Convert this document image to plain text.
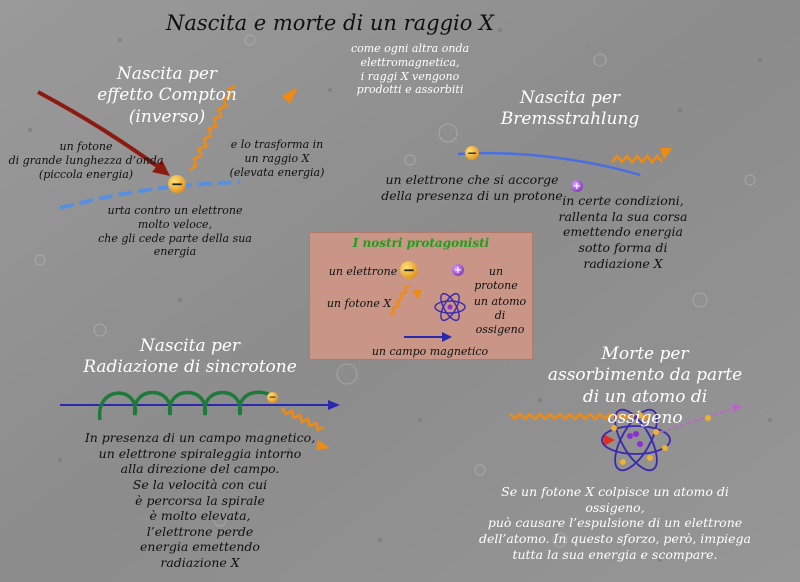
Nascita e morte di un raggio X
come ogni altra onda
elettromagnetica,
i raggi X vengono
prodotti e assorbiti
Nascita per
effetto Compton
(inverso)
un fotone
di grande lunghezza d’onda
(piccola energia)
e lo trasforma in
un raggio X
(elevata energia)
urta contro un elettrone
molto veloce,
che gli cede parte della sua energia
−
Nascita per
Bremsstrahlung
−
+
un elettrone che si accorge
della presenza di un protone in certe condizioni,
rallenta la sua corsa
emettendo energia
sotto forma di
radiazione X
I nostri protagonisti
un elettrone −	+	un protone
un fotone X	un atomo
di ossigeno
un campo magnetico
Nascita per
Radiazione di sincrotone
−
In presenza di un campo magnetico,
un elettrone spiraleggia intorno
alla direzione del campo.
Se la velocità con cui
è percorsa la spirale
è molto elevata,
l’elettrone perde
energia emettendo
radiazione X
Morte per
assorbimento da parte
di un atomo di ossigeno
Se un fotone X colpisce un atomo di ossigeno,
può causare l’espulsione di un elettrone
dell’atomo. In questo sforzo, però, impiega
tutta la sua energia e scompare.
